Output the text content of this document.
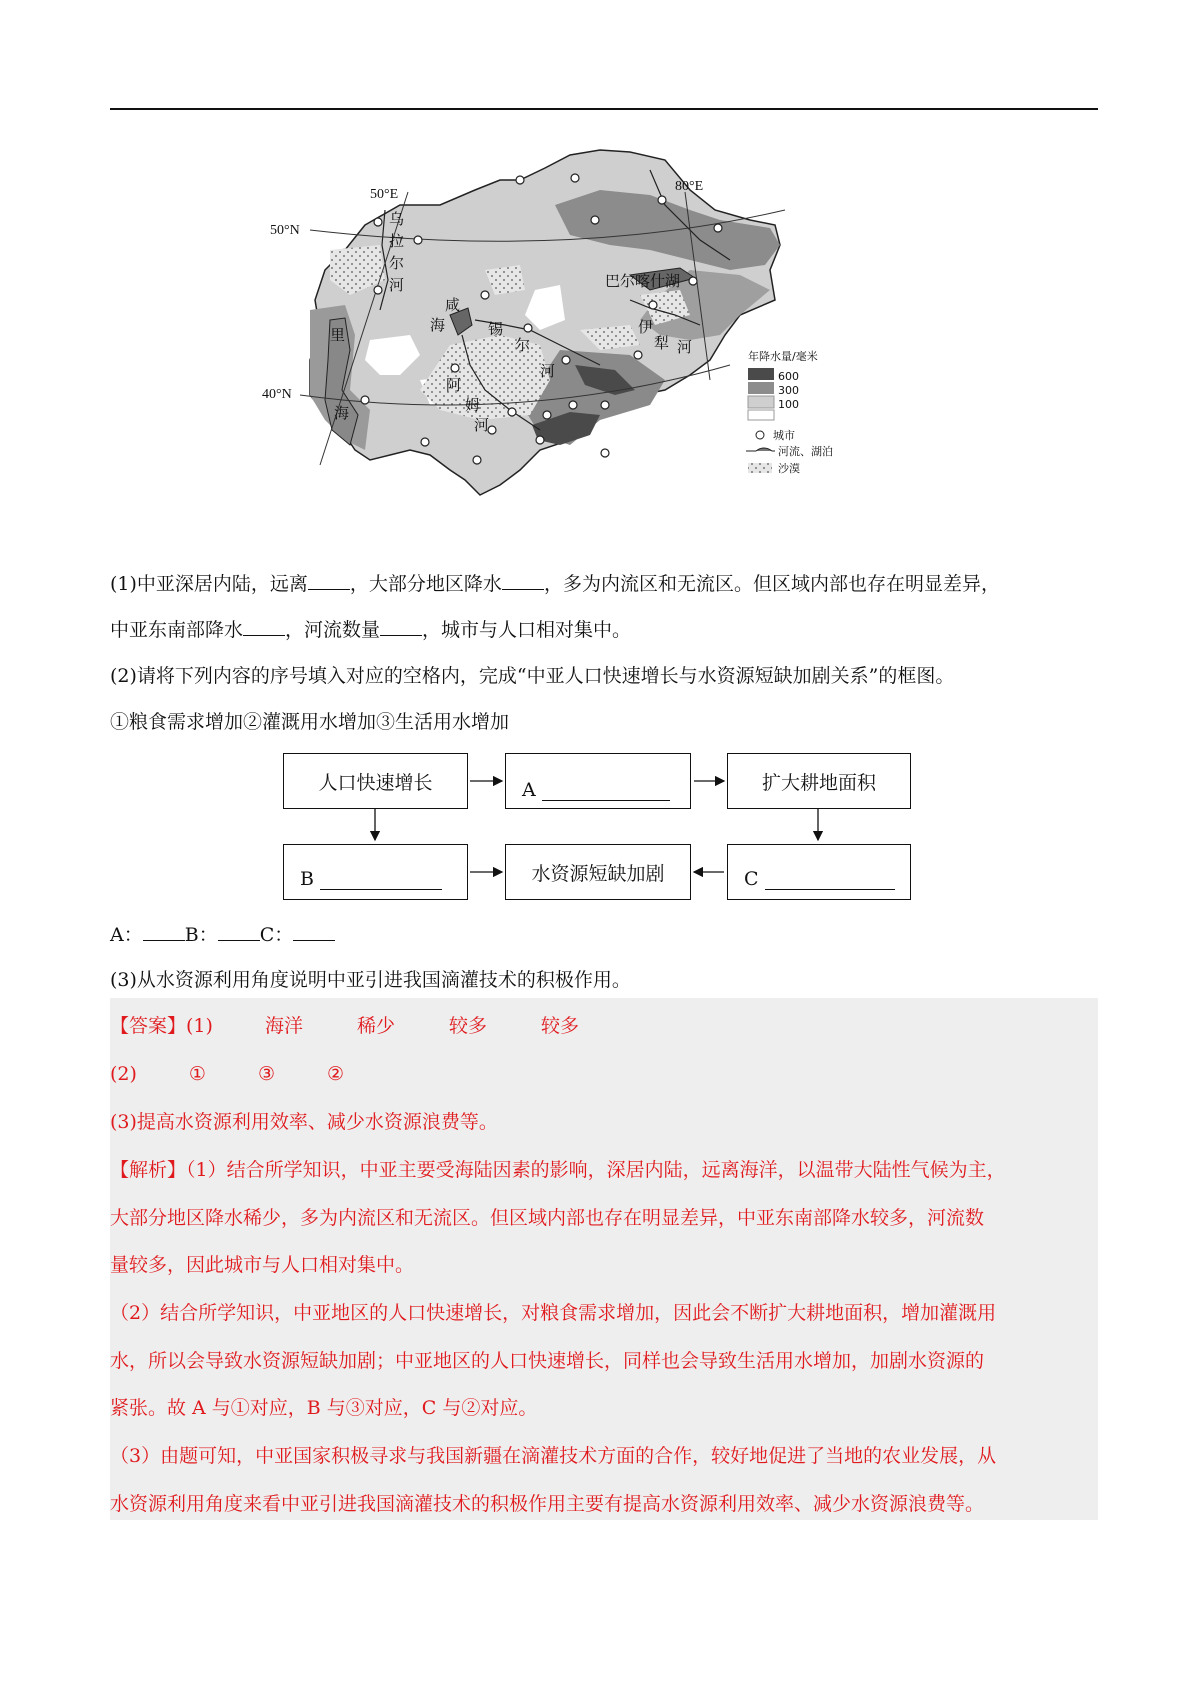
50°E
80°E
50°N
40°N
乌
拉
尔
河
里
海
咸
海	锡
尔
河
阿
姆
河
巴尔喀什湖
伊
犁 河
年降水量/毫米
600
300
100
城市
河流、湖泊
沙漠
(1)中亚深居内陆，远离 ，大部分地区降水 ，多为内流区和无流区。但区域内部也存在明显差异，
中亚东南部降水 ，河流数量 ，城市与人口相对集中。
(2)请将下列内容的序号填入对应的空格内，完成“中亚人口快速增长与水资源短缺加剧关系”的框图。
①粮食需求增加②灌溉用水增加③生活用水增加
人口快速增长	A	扩大耕地面积
B	水资源短缺加剧	C
A： B： C：
(3)从水资源利用角度说明中亚引进我国滴灌技术的积极作用。
【答案】(1)	海洋	稀少	较多	较多
(2)	①	③	②
(3)提高水资源利用效率、减少水资源浪费等。
【解析】（1）结合所学知识，中亚主要受海陆因素的影响，深居内陆，远离海洋，以温带大陆性气候为主，
大部分地区降水稀少，多为内流区和无流区。但区域内部也存在明显差异，中亚东南部降水较多，河流数
量较多，因此城市与人口相对集中。
（2）结合所学知识，中亚地区的人口快速增长，对粮食需求增加，因此会不断扩大耕地面积，增加灌溉用
水，所以会导致水资源短缺加剧；中亚地区的人口快速增长，同样也会导致生活用水增加，加剧水资源的
紧张。故 A 与①对应，B 与③对应，C 与②对应。
（3）由题可知，中亚国家积极寻求与我国新疆在滴灌技术方面的合作，较好地促进了当地的农业发展，从
水资源利用角度来看中亚引进我国滴灌技术的积极作用主要有提高水资源利用效率、减少水资源浪费等。
